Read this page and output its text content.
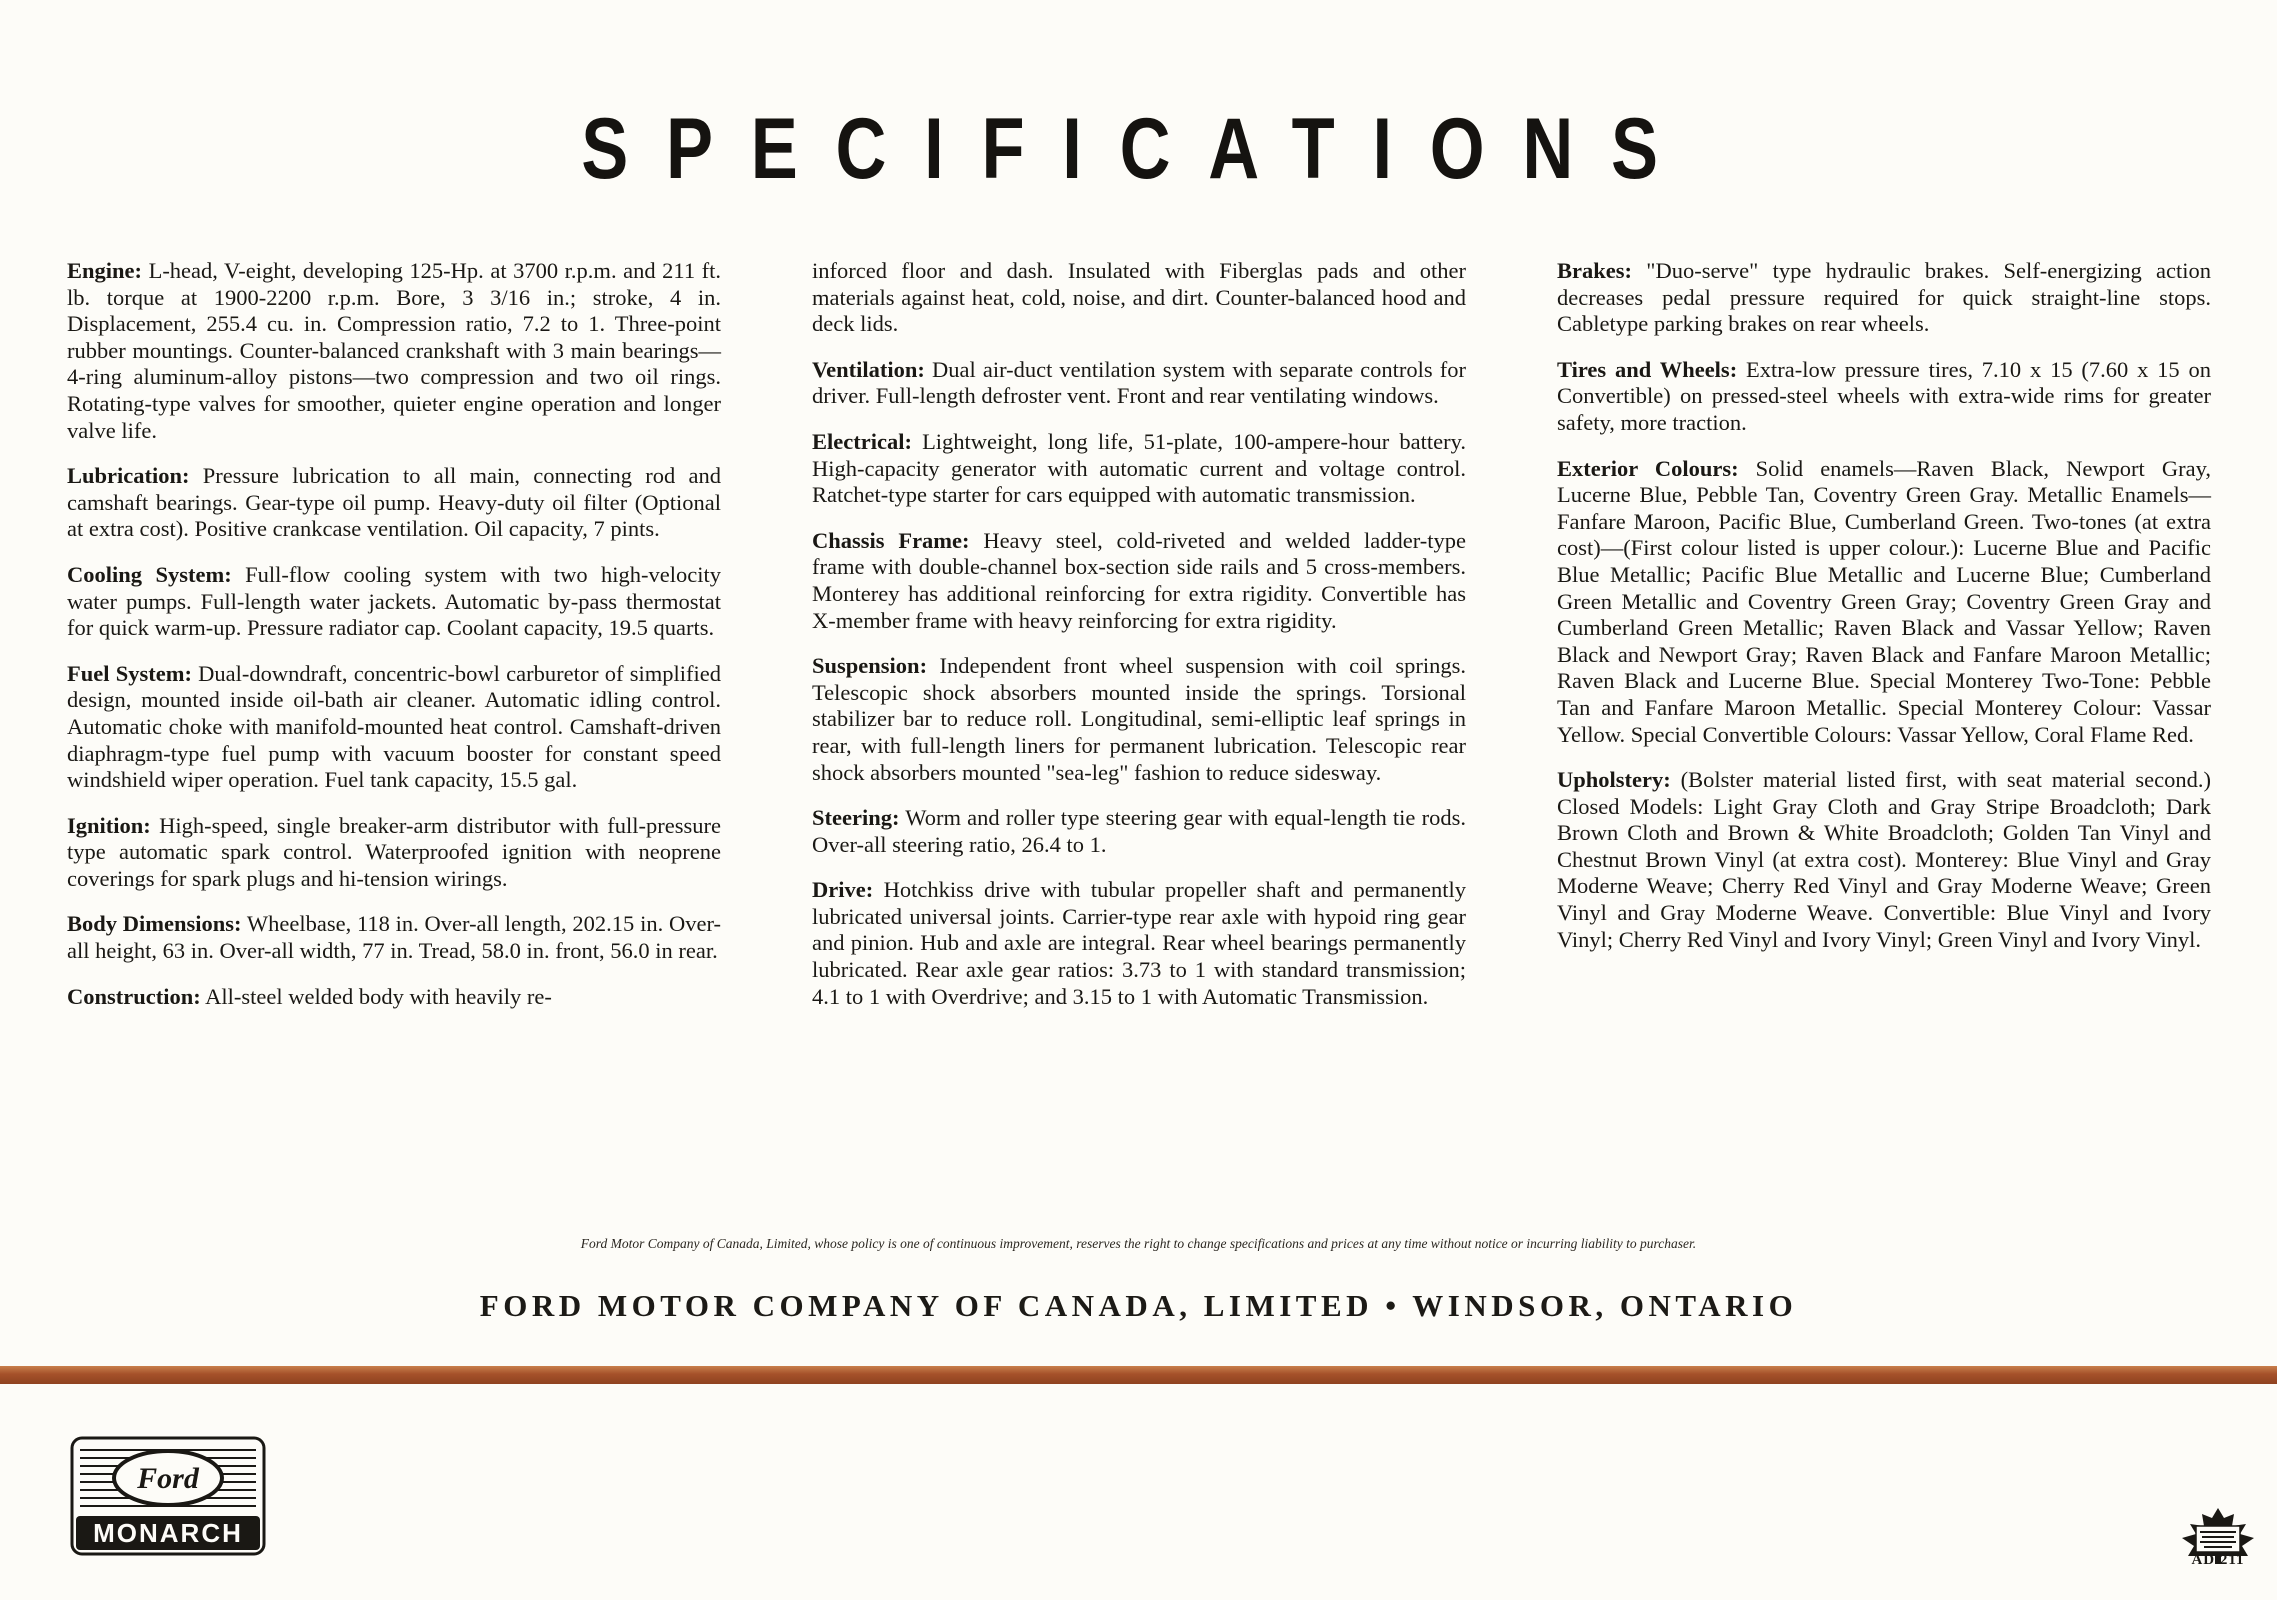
SPECIFICATIONS

Engine: L-head, V-eight, developing 125-Hp. at 3700 r.p.m. and 211 ft. lb. torque at 1900-2200 r.p.m. Bore, 3 3/16 in.; stroke, 4 in. Displacement, 255.4 cu. in. Compression ratio, 7.2 to 1. Three-point rubber mountings. Counter-balanced crankshaft with 3 main bearings—4-ring aluminum-alloy pistons—two compression and two oil rings. Rotating-type valves for smoother, quieter engine operation and longer valve life.

Lubrication: Pressure lubrication to all main, connecting rod and camshaft bearings. Gear-type oil pump. Heavy-duty oil filter (Optional at extra cost). Positive crankcase ventilation. Oil capacity, 7 pints.

Cooling System: Full-flow cooling system with two high-velocity water pumps. Full-length water jackets. Automatic by-pass thermostat for quick warm-up. Pressure radiator cap. Coolant capacity, 19.5 quarts.

Fuel System: Dual-downdraft, concentric-bowl carburetor of simplified design, mounted inside oil-bath air cleaner. Automatic idling control. Automatic choke with manifold-mounted heat control. Camshaft-driven diaphragm-type fuel pump with vacuum booster for constant speed windshield wiper operation. Fuel tank capacity, 15.5 gal.

Ignition: High-speed, single breaker-arm distributor with full-pressure type automatic spark control. Waterproofed ignition with neoprene coverings for spark plugs and hi-tension wirings.

Body Dimensions: Wheelbase, 118 in. Over-all length, 202.15 in. Over-all height, 63 in. Over-all width, 77 in. Tread, 58.0 in. front, 56.0 in rear.

Construction: All-steel welded body with heavily re-

inforced floor and dash. Insulated with Fiberglas pads and other materials against heat, cold, noise, and dirt. Counter-balanced hood and deck lids.

Ventilation: Dual air-duct ventilation system with separate controls for driver. Full-length defroster vent. Front and rear ventilating windows.

Electrical: Lightweight, long life, 51-plate, 100-ampere-hour battery. High-capacity generator with automatic current and voltage control. Ratchet-type starter for cars equipped with automatic transmission.

Chassis Frame: Heavy steel, cold-riveted and welded ladder-type frame with double-channel box-section side rails and 5 cross-members. Monterey has additional reinforcing for extra rigidity. Convertible has X-member frame with heavy reinforcing for extra rigidity.

Suspension: Independent front wheel suspension with coil springs. Telescopic shock absorbers mounted inside the springs. Torsional stabilizer bar to reduce roll. Longitudinal, semi-elliptic leaf springs in rear, with full-length liners for permanent lubrication. Telescopic rear shock absorbers mounted "sea-leg" fashion to reduce sidesway.

Steering: Worm and roller type steering gear with equal-length tie rods. Over-all steering ratio, 26.4 to 1.

Drive: Hotchkiss drive with tubular propeller shaft and permanently lubricated universal joints. Carrier-type rear axle with hypoid ring gear and pinion. Hub and axle are integral. Rear wheel bearings permanently lubricated. Rear axle gear ratios: 3.73 to 1 with standard transmission; 4.1 to 1 with Overdrive; and 3.15 to 1 with Automatic Transmission.

Brakes: "Duo-serve" type hydraulic brakes. Self-energizing action decreases pedal pressure required for quick straight-line stops. Cabletype parking brakes on rear wheels.

Tires and Wheels: Extra-low pressure tires, 7.10 x 15 (7.60 x 15 on Convertible) on pressed-steel wheels with extra-wide rims for greater safety, more traction.

Exterior Colours: Solid enamels—Raven Black, Newport Gray, Lucerne Blue, Pebble Tan, Coventry Green Gray. Metallic Enamels—Fanfare Maroon, Pacific Blue, Cumberland Green. Two-tones (at extra cost)—(First colour listed is upper colour.): Lucerne Blue and Pacific Blue Metallic; Pacific Blue Metallic and Lucerne Blue; Cumberland Green Metallic and Coventry Green Gray; Coventry Green Gray and Cumberland Green Metallic; Raven Black and Vassar Yellow; Raven Black and Newport Gray; Raven Black and Fanfare Maroon Metallic; Raven Black and Lucerne Blue. Special Monterey Two-Tone: Pebble Tan and Fanfare Maroon Metallic. Special Monterey Colour: Vassar Yellow. Special Convertible Colours: Vassar Yellow, Coral Flame Red.

Upholstery: (Bolster material listed first, with seat material second.) Closed Models: Light Gray Cloth and Gray Stripe Broadcloth; Dark Brown Cloth and Brown & White Broadcloth; Golden Tan Vinyl and Chestnut Brown Vinyl (at extra cost). Monterey: Blue Vinyl and Gray Moderne Weave; Cherry Red Vinyl and Gray Moderne Weave; Green Vinyl and Gray Moderne Weave. Convertible: Blue Vinyl and Ivory Vinyl; Cherry Red Vinyl and Ivory Vinyl; Green Vinyl and Ivory Vinyl.

Ford Motor Company of Canada, Limited, whose policy is one of continuous improvement, reserves the right to change specifications and prices at any time without notice or incurring liability to purchaser.
FORD MOTOR COMPANY OF CANADA, LIMITED • WINDSOR, ONTARIO
Ford
MONARCH
AD 211
